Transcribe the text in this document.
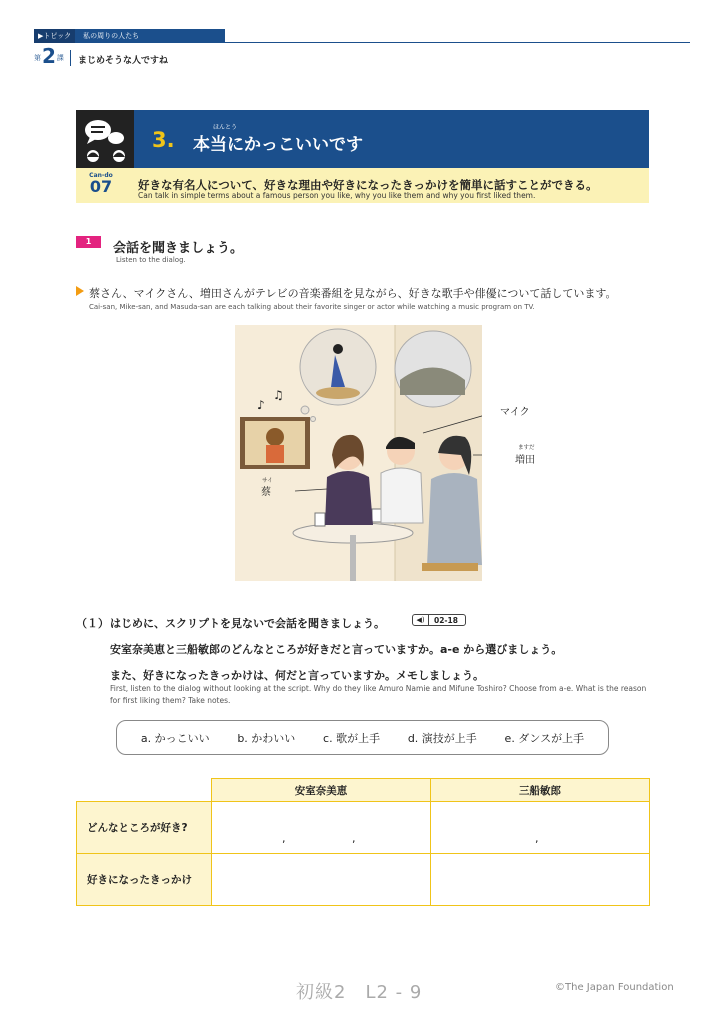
▶トピック	私の周りの人たち
第 2 課 まじめそうな人ですね
3.
ほんとう
本当にかっこいいです
Can-do
07	好きな有名人について、好きな理由や好きになったきっかけを簡単に話すことができる。
Can talk in simple terms about a famous person you like, why you like them and why you first liked them.
1	会話を聞きましょう。
Listen to the dialog.
蔡さん、マイクさん、増田さんがテレビの音楽番組を見ながら、好きな歌手や俳優について話しています。
Cai-san, Mike-san, and Masuda-san are each talking about their favorite singer or actor while watching a music program on TV.
♪
♫
マイク
ますだ
増田
サイ
蔡
（１） はじめに、スクリプトを見ないで会話を聞きましょう。	◀)	02-18
安室奈美恵と三船敏郎のどんなところが好きだと言っていますか。a-e から選びましょう。
また、好きになったきっかけは、何だと言っていますか。メモしましょう。
First, listen to the dialog without looking at the script. Why do they like Amuro Namie and Mifune Toshiro? Choose from a-e. What is the reason for first liking them? Take notes.
a. かっこいい	b. かわいい	c. 歌が上手	d. 演技が上手	e. ダンスが上手
	安室奈美恵	三船敏郎
どんなところが好き?	, ,	,

好きになったきっかけ		
初級2　L2 - 9	©The Japan Foundation
